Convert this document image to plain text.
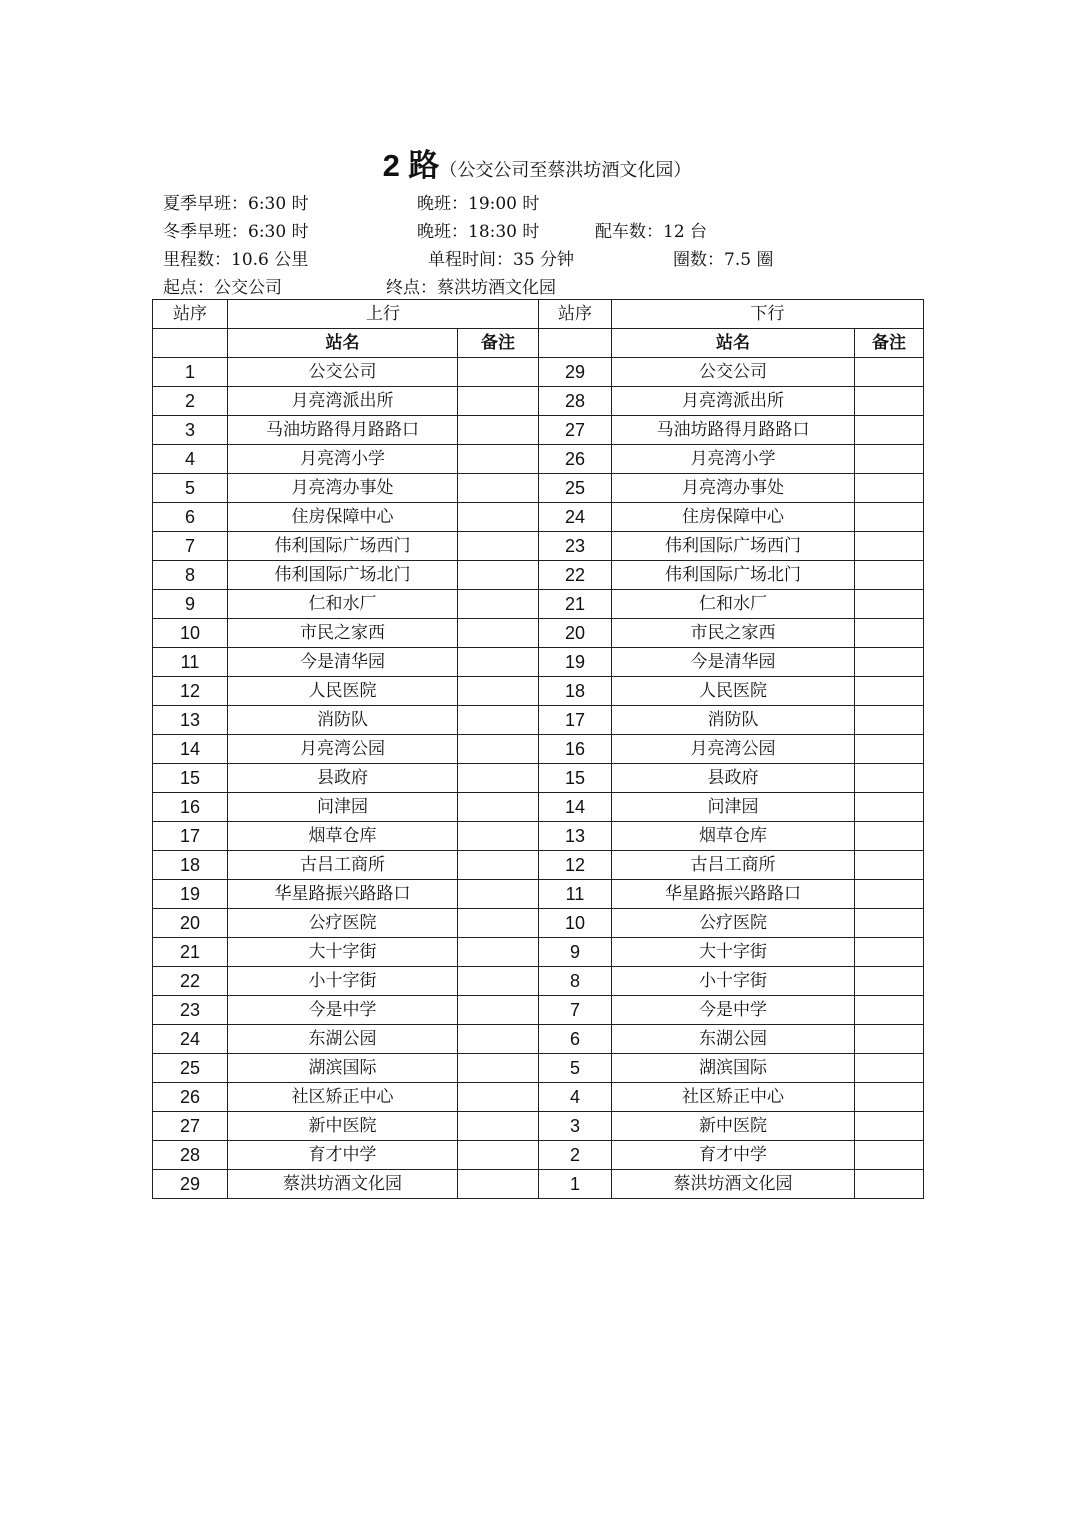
2 路（公交公司至蔡洪坊酒文化园）
夏季早班：6:30 时	晚班：19:00 时
冬季早班：6:30 时	晚班：18:30 时	配车数：12 台
里程数：10.6 公里	单程时间：35 分钟	圈数：7.5 圈
起点：公交公司	终点：蔡洪坊酒文化园
站序	上行		站序	下行	
	站名	备注		站名	备注
1	公交公司		29	公交公司	
2	月亮湾派出所		28	月亮湾派出所	
3	马油坊路得月路路口		27	马油坊路得月路路口	
4	月亮湾小学		26	月亮湾小学	
5	月亮湾办事处		25	月亮湾办事处	
6	住房保障中心		24	住房保障中心	
7	伟利国际广场西门		23	伟利国际广场西门	
8	伟利国际广场北门		22	伟利国际广场北门	
9	仁和水厂		21	仁和水厂	
10	市民之家西		20	市民之家西	
11	今是清华园		19	今是清华园	
12	人民医院		18	人民医院	
13	消防队		17	消防队	
14	月亮湾公园		16	月亮湾公园	
15	县政府		15	县政府	
16	问津园		14	问津园	
17	烟草仓库		13	烟草仓库	
18	古吕工商所		12	古吕工商所	
19	华星路振兴路路口		11	华星路振兴路路口	
20	公疗医院		10	公疗医院	
21	大十字街		9	大十字街	
22	小十字街		8	小十字街	
23	今是中学		7	今是中学	
24	东湖公园		6	东湖公园	
25	湖滨国际		5	湖滨国际	
26	社区矫正中心		4	社区矫正中心	
27	新中医院		3	新中医院	
28	育才中学		2	育才中学	
29	蔡洪坊酒文化园		1	蔡洪坊酒文化园	
